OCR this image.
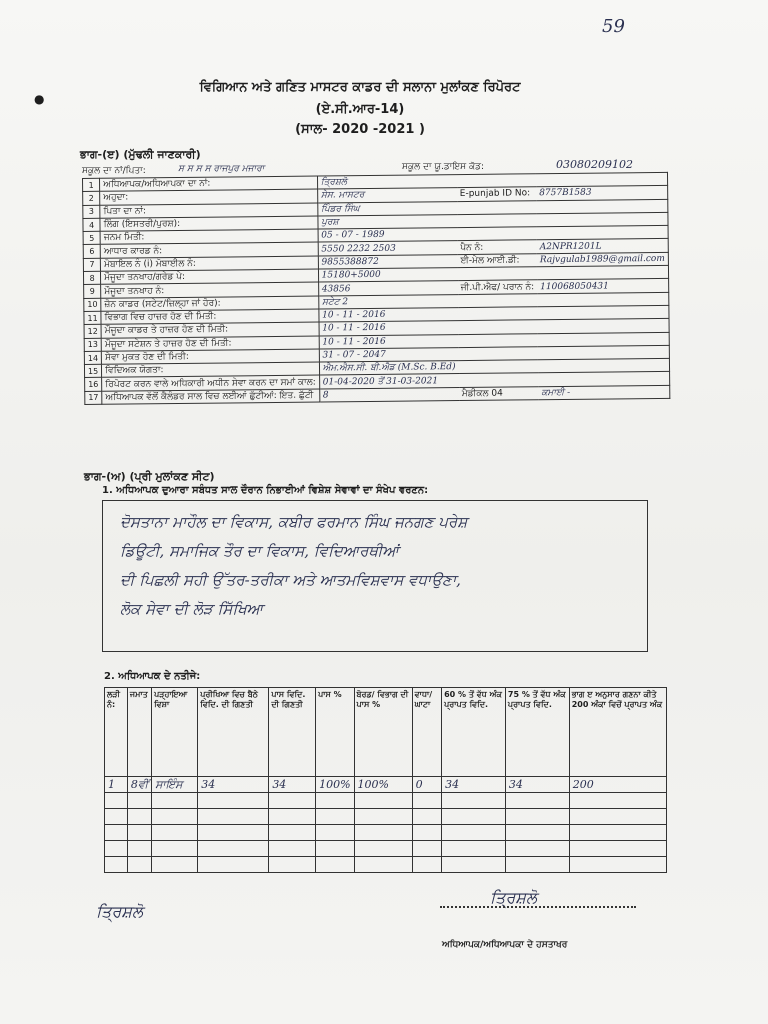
59
●
ਵਿਗਿਆਨ ਅਤੇ ਗਣਿਤ ਮਾਸਟਰ ਕਾਡਰ ਦੀ ਸਲਾਨਾ ਮੁਲਾਂਕਣ ਰਿਪੋਰਟ
(ਏ.ਸੀ.ਆਰ-14)
(ਸਾਲ- 2020 -2021 )
ਭਾਗ-(ੲ) (ਮੁੱਢਲੀ ਜਾਣਕਾਰੀ)
ਸਕੂਲ ਦਾ ਨਾਂ/ਪਿਤਾ:	ਸ ਸ ਸ ਸ ਰਾਜਪੁਰ ਮਜਾਰਾ	ਸਕੂਲ ਦਾ ਯੂ.ਡਾਇਸ ਕੋਡ:	03080209102
1	ਅਧਿਆਪਕ/ਅਧਿਆਪਕਾ ਦਾ ਨਾਂ:	ਤ੍ਰਿਸ਼ਲੋ		
2	ਅਹੁਦਾ:	ਸੇਸ. ਮਾਸਟਰ	E-punjab ID No:	8757B1583
3	ਪਿਤਾ ਦਾ ਨਾਂ:	ਪਿੰਡਰ ਸਿੰਘ		
4	ਲਿੰਗ (ਇਸਤਰੀ/ਪੁਰਸ਼):	ਪੁਰਸ਼		
5	ਜਨਮ ਮਿਤੀ:	05 - 07 - 1989		
6	ਆਧਾਰ ਕਾਰਡ ਨੰ:	5550 2232 2503	ਪੈਨ ਨੰ:	A2NPR1201L
7	ਮੋਬਾਇਲ ਨੰ (i) ਮੋਬਾਈਲ ਨੰ:	9855388872	ਈ-ਮੇਲ ਆਈ.ਡੀ:	Rajvgulab1989@gmail.com
8	ਮੌਜੂਦਾ ਤਨਖਾਹ/ਗਰੇਡ ਪੇ:	15180+5000		
9	ਮੌਜੂਦਾ ਤਨਖਾਹ ਨੰ:	43856	ਜੀ.ਪੀ.ਐਫ/ ਪਰਾਨ ਨੰ:	110068050431
10	ਜ਼ੋਨ ਕਾਡਰ (ਸਟੇਟ/ਜ਼ਿਲ੍ਹਾ ਜਾਂ ਹੋਰ):	ਸਟੇਟ 2		
11	ਵਿਭਾਗ ਵਿਚ ਹਾਜ਼ਰ ਹੋਣ ਦੀ ਮਿਤੀ:	10 - 11 - 2016		
12	ਮੌਜੂਦਾ ਕਾਡਰ ਤੇ ਹਾਜ਼ਰ ਹੋਣ ਦੀ ਮਿਤੀ:	10 - 11 - 2016		
13	ਮੌਜੂਦਾ ਸਟੇਸ਼ਨ ਤੇ ਹਾਜ਼ਰ ਹੋਣ ਦੀ ਮਿਤੀ:	10 - 11 - 2016		
14	ਸੇਵਾ ਮੁਕਤ ਹੋਣ ਦੀ ਮਿਤੀ:	31 - 07 - 2047		
15	ਵਿਦਿਅਕ ਯੋਗਤਾ:	ਐਮ.ਐਸ.ਸੀ. ਬੀ.ਐਡ (M.Sc. B.Ed)		
16	ਰਿਪੋਰਟ ਕਰਨ ਵਾਲੇ ਅਧਿਕਾਰੀ ਅਧੀਨ ਸੇਵਾ ਕਰਨ ਦਾ ਸਮਾਂ ਕਾਲ:	01-04-2020 ਤੋਂ 31-03-2021		
17	ਅਧਿਆਪਕ ਵੱਲੋਂ ਕੈਲੰਡਰ ਸਾਲ ਵਿਚ ਲਈਆਂ ਛੁੱਟੀਆਂ: ਇਤ. ਛੁੱਟੀ	8	ਮੈਡੀਕਲ 04	ਕਮਾਈ -
ਭਾਗ-(ਅ) (ਪ੍ਰੀ ਮੁਲਾਂਕਣ ਸੀਟ)
1. ਅਧਿਆਪਕ ਦੁਆਰਾ ਸਬੰਧਤ ਸਾਲ ਦੌਰਾਨ ਨਿਭਾਈਆਂ ਵਿਸ਼ੇਸ਼ ਸੇਵਾਵਾਂ ਦਾ ਸੰਖੇਪ ਵਰਣਨ:
ਦੋਸਤਾਨਾ ਮਾਹੌਲ ਦਾ ਵਿਕਾਸ, ਕਬੀਰ ਫਰਮਾਨ ਸਿੰਘ ਜਨਗਣ ਪਰੇਸ਼
ਡਿਊਟੀ, ਸਮਾਜਿਕ ਤੌਰ ਦਾ ਵਿਕਾਸ, ਵਿਦਿਆਰਥੀਆਂ
ਦੀ ਪਿਛਲੀ ਸਹੀ ਉੱਤਰ-ਤਰੀਕਾ ਅਤੇ ਆਤਮਵਿਸ਼ਵਾਸ ਵਧਾਉਣਾ,
ਲੋਕ ਸੇਵਾ ਦੀ ਲੋੜ ਸਿੱਖਿਆ
2. ਅਧਿਆਪਕ ਦੇ ਨਤੀਜੇ:
ਲੜੀ ਨੰ:	ਜਮਾਤ	ਪੜ੍ਹਾਇਆ ਵਿਸ਼ਾ	ਪ੍ਰੀਖਿਆ ਵਿਚ ਬੈਠੇ ਵਿਦਿ. ਦੀ ਗਿਣਤੀ	ਪਾਸ ਵਿਦਿ. ਦੀ ਗਿਣਤੀ	ਪਾਸ %	ਬੋਰਡ/ ਵਿਭਾਗ ਦੀ ਪਾਸ %	ਵਾਧਾ/ਘਾਟਾ	60 % ਤੋਂ ਵੱਧ ਅੰਕ ਪ੍ਰਾਪਤ ਵਿਦਿ.	75 % ਤੋਂ ਵੱਧ ਅੰਕ ਪ੍ਰਾਪਤ ਵਿਦਿ.	ਭਾਗ ੲ ਅਨੁਸਾਰ ਗਣਨਾ ਕੀਤੇ 200 ਅੰਕਾ ਵਿਚੋਂ ਪ੍ਰਾਪਤ ਅੰਕ
1	8ਵੀਂ	ਸਾਇੰਸ	34	34	100%	100%	0	34	34	200

ਤ੍ਰਿਸ਼ਲੋ
ਤ੍ਰਿਸ਼ਲੋ
ਅਧਿਆਪਕ/ਅਧਿਆਪਕਾ ਦੇ ਹਸਤਾਖਰ
